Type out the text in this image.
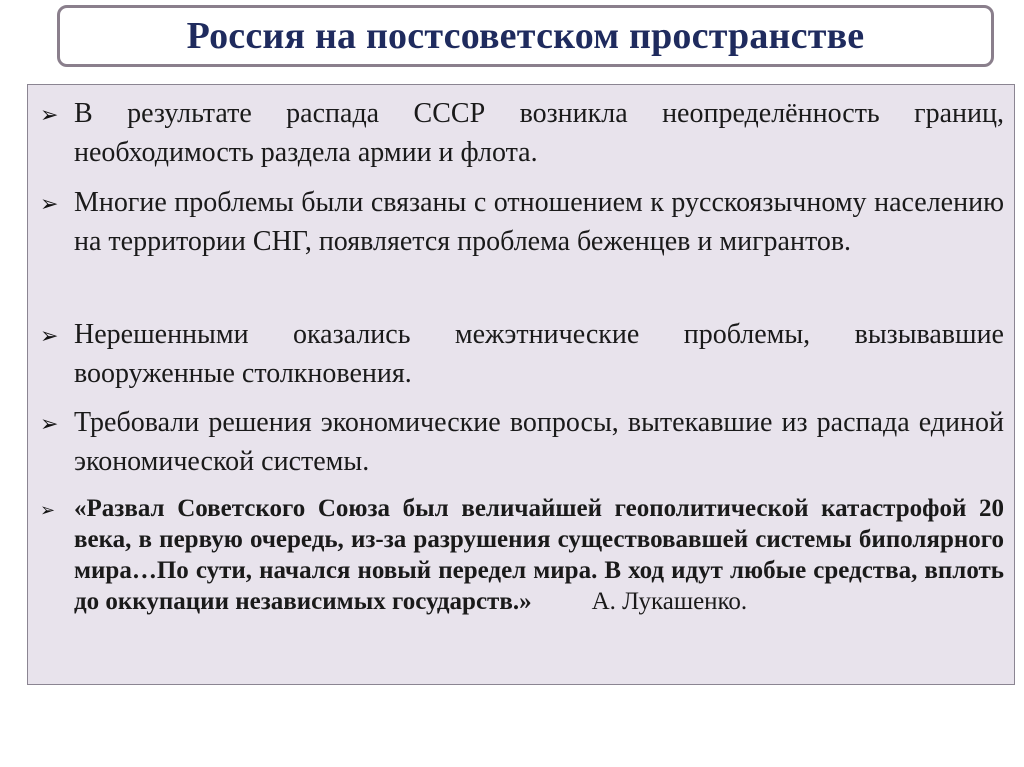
Россия на постсоветском пространстве
➢ В результате распада СССР возникла неопределённость границ, необходимость раздела армии и флота.
➢ Многие проблемы были связаны с отношением к русскоязычному населению на территории СНГ, появляется проблема беженцев и мигрантов.
➢ Нерешенными оказались межэтнические проблемы, вызывавшие вооруженные столкновения.
➢ Требовали решения экономические вопросы, вытекавшие из распада единой экономической системы.
➢ «Развал Советского Союза был величайшей геополитической катастрофой 20 века, в первую очередь, из-за разрушения существовавшей системы биполярного мира…По сути, начался новый передел мира. В ход идут любые средства, вплоть до оккупации независимых государств.» А. Лукашенко.
